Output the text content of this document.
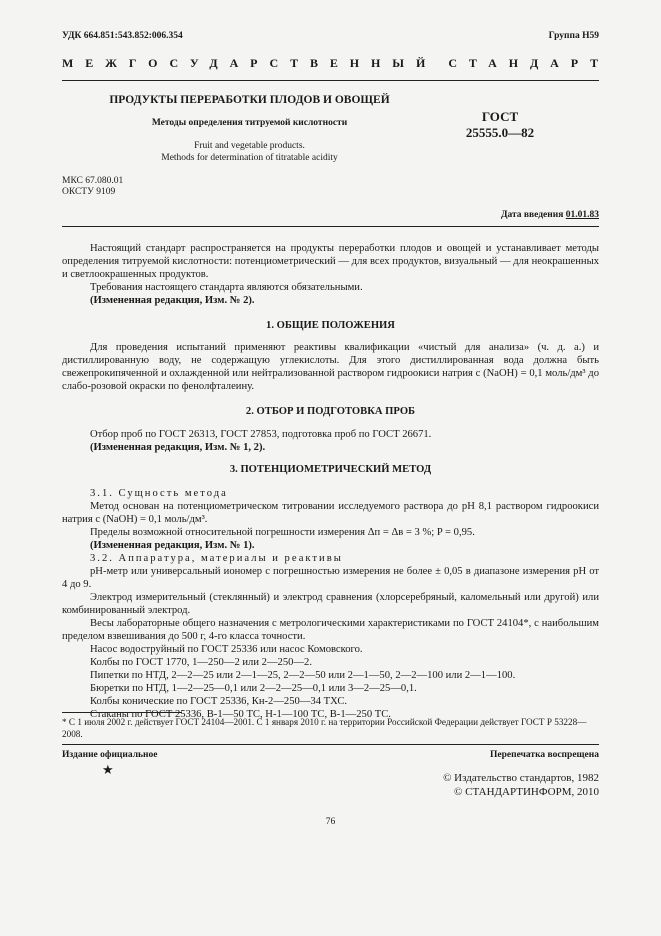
УДК 664.851:543.852:006.354	Группа Н59
МЕЖГОСУДАРСТВЕННЫЙ СТАНДАРТ
ПРОДУКТЫ ПЕРЕРАБОТКИ ПЛОДОВ И ОВОЩЕЙ
Методы определения титруемой кислотности
Fruit and vegetable products.
Methods for determination of titratable acidity
ГОСТ
25555.0—82
МКС 67.080.01
ОКСТУ 9109
Дата введения 01.01.83

Настоящий стандарт распространяется на продукты переработки плодов и овощей и устанавливает методы определения титруемой кислотности: потенциометрический — для всех продуктов, визуальный — для неокрашенных и светлоокрашенных продуктов.

Требования настоящего стандарта являются обязательными.

(Измененная редакция, Изм. № 2).

1. ОБЩИЕ ПОЛОЖЕНИЯ

Для проведения испытаний применяют реактивы квалификации «чистый для анализа» (ч. д. а.) и дистиллированную воду, не содержащую углекислоты. Для этого дистиллированная вода должна быть свежепрокипяченной и охлажденной или нейтрализованной раствором гидроокиси натрия c (NaOH) = 0,1 моль/дм³ до слабо-розовой окраски по фенолфталеину.

2. ОТБОР И ПОДГОТОВКА ПРОБ

Отбор проб по ГОСТ 26313, ГОСТ 27853, подготовка проб по ГОСТ 26671.

(Измененная редакция, Изм. № 1, 2).

3. ПОТЕНЦИОМЕТРИЧЕСКИЙ МЕТОД

3.1. Сущность метода

Метод основан на потенциометрическом титровании исследуемого раствора до pH 8,1 раствором гидроокиси натрия c (NaOH) = 0,1 моль/дм³.

Пределы возможной относительной погрешности измерения Δп = Δв = 3 %; P = 0,95.

(Измененная редакция, Изм. № 1).

3.2. Аппаратура, материалы и реактивы

pH-метр или универсальный иономер с погрешностью измерения не более ± 0,05 в диапазоне измерения pH от 4 до 9.

Электрод измерительный (стеклянный) и электрод сравнения (хлорсеребряный, каломельный или другой) или комбинированный электрод.

Весы лабораторные общего назначения с метрологическими характеристиками по ГОСТ 24104*, с наибольшим пределом взвешивания до 500 г, 4-го класса точности.

Насос водоструйный по ГОСТ 25336 или насос Комовского.

Колбы по ГОСТ 1770, 1—250—2 или 2—250—2.

Пипетки по НТД, 2—2—25 или 2—1—25, 2—2—50 или 2—1—50, 2—2—100 или 2—1—100.

Бюретки по НТД, 1—2—25—0,1 или 2—2—25—0,1 или 3—2—25—0,1.

Колбы конические по ГОСТ 25336, Кн-2—250—34 ТХС.

Стаканы по ГОСТ 25336, В-1—50 ТС, Н-1—100 ТС, В-1—250 ТС.

* С 1 июля 2002 г. действует ГОСТ 24104—2001. С 1 января 2010 г. на территории Российской Федерации действует ГОСТ Р 53228—2008.
Издание официальное	Перепечатка воспрещена
★
© Издательство стандартов, 1982
© СТАНДАРТИНФОРМ, 2010
76
